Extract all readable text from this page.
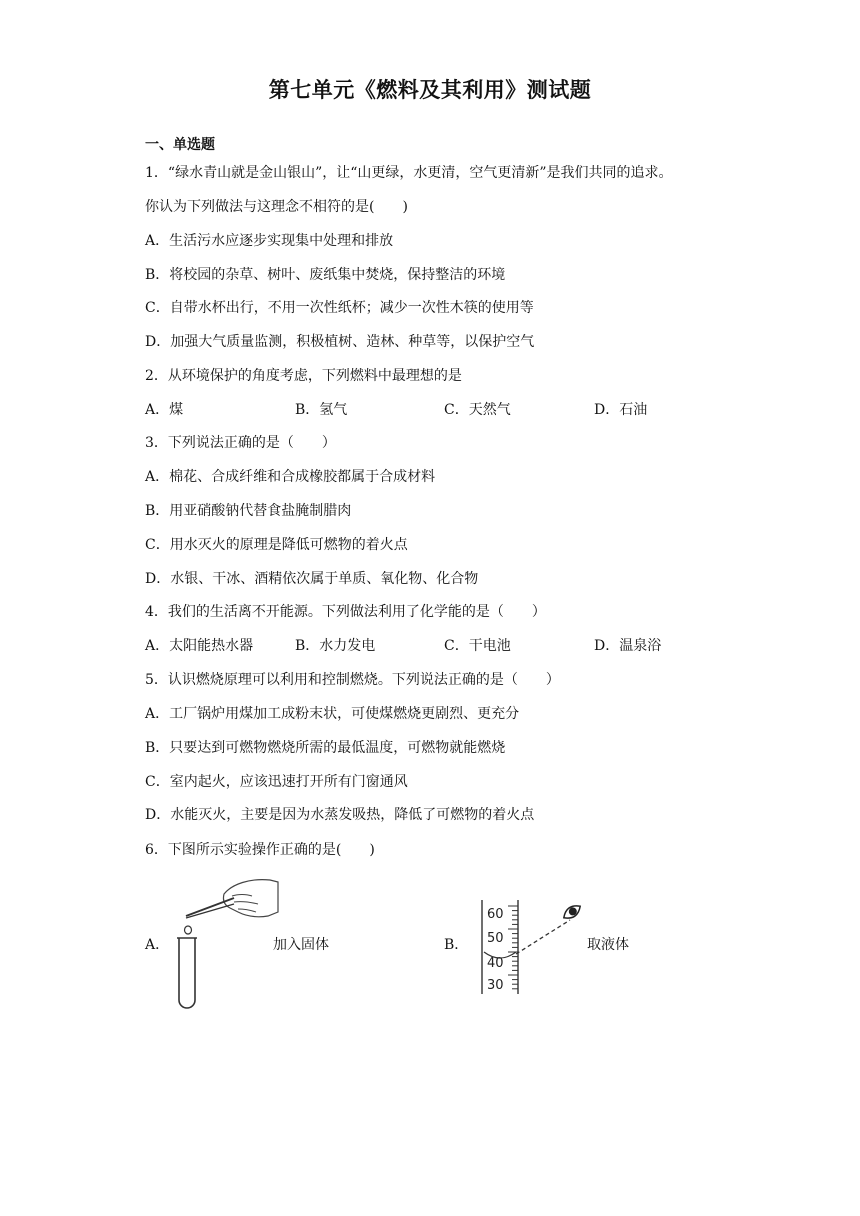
第七单元《燃料及其利用》测试题
一、单选题
1．“绿水青山就是金山银山”，让“山更绿，水更清，空气更清新”是我们共同的追求。
你认为下列做法与这理念不相符的是(　　)
A．生活污水应逐步实现集中处理和排放
B．将校园的杂草、树叶、废纸集中焚烧，保持整洁的环境
C．自带水杯出行，不用一次性纸杯；减少一次性木筷的使用等
D．加强大气质量监测，积极植树、造林、种草等，以保护空气
2．从环境保护的角度考虑，下列燃料中最理想的是
A．煤	B．氢气	C．天然气	D．石油
3．下列说法正确的是（　　）
A．棉花、合成纤维和合成橡胶都属于合成材料
B．用亚硝酸钠代替食盐腌制腊肉
C．用水灭火的原理是降低可燃物的着火点
D．水银、干冰、酒精依次属于单质、氧化物、化合物
4．我们的生活离不开能源。下列做法利用了化学能的是（　　）
A．太阳能热水器	B．水力发电	C．干电池	D．温泉浴
5．认识燃烧原理可以利用和控制燃烧。下列说法正确的是（　　）
A．工厂锅炉用煤加工成粉末状，可使煤燃烧更剧烈、更充分
B．只要达到可燃物燃烧所需的最低温度，可燃物就能燃烧
C．室内起火，应该迅速打开所有门窗通风
D．水能灭火，主要是因为水蒸发吸热，降低了可燃物的着火点
6．下图所示实验操作正确的是(　　)
A．	加入固体	B．
60
50
40
30
取液体
